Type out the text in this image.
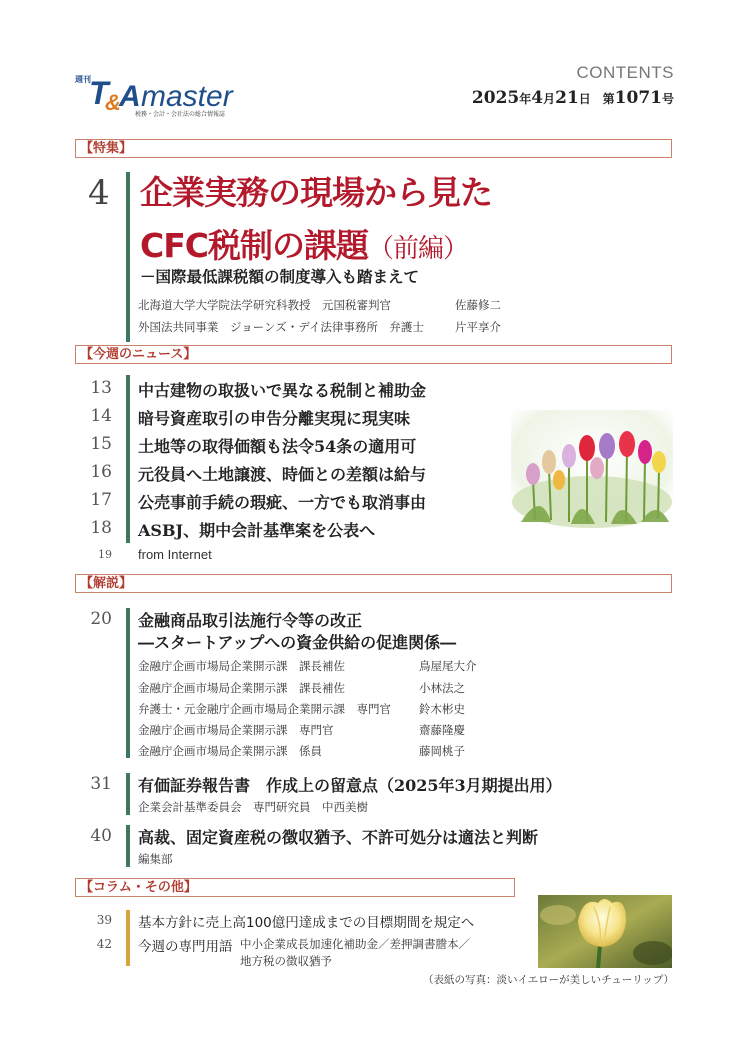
週刊
T
&
A master
税務・会計・会社法の総合情報誌
CONTENTS
2025年4月21日 第1071号
【特集】
4 企業実務の現場から見た
CFC税制の課題（前編）
－国際最低課税額の制度導入も踏まえて
北海道大学大学院法学研究科教授　元国税審判官	佐藤修二
外国法共同事業　ジョーンズ・デイ法律事務所　弁護士	片平享介
【今週のニュース】
13 中古建物の取扱いで異なる税制と補助金
14 暗号資産取引の申告分離実現に現実味
15 土地等の取得価額も法令54条の適用可
16 元役員へ土地譲渡、時価との差額は給与
17 公売事前手続の瑕疵、一方でも取消事由
18 ASBJ、期中会計基準案を公表へ
19 from Internet
【解説】
20 金融商品取引法施行令等の改正
―スタートアップへの資金供給の促進関係―
金融庁企画市場局企業開示課　課長補佐	鳥屋尾大介
金融庁企画市場局企業開示課　課長補佐	小林法之
弁護士・元金融庁企画市場局企業開示課　専門官 鈴木彬史
金融庁企画市場局企業開示課　専門官	齋藤隆慶
金融庁企画市場局企業開示課　係員	藤岡桃子
31 有価証券報告書　作成上の留意点（2025年3月期提出用）
企業会計基準委員会　専門研究員　中西美樹
40 高裁、固定資産税の徴収猶予、不許可処分は適法と判断
編集部
【コラム・その他】
39 基本方針に売上高100億円達成までの目標期間を規定へ
42 今週の専門用語 中小企業成長加速化補助金／差押調書謄本／
地方税の徴収猶予
（表紙の写真：淡いイエローが美しいチューリップ）
